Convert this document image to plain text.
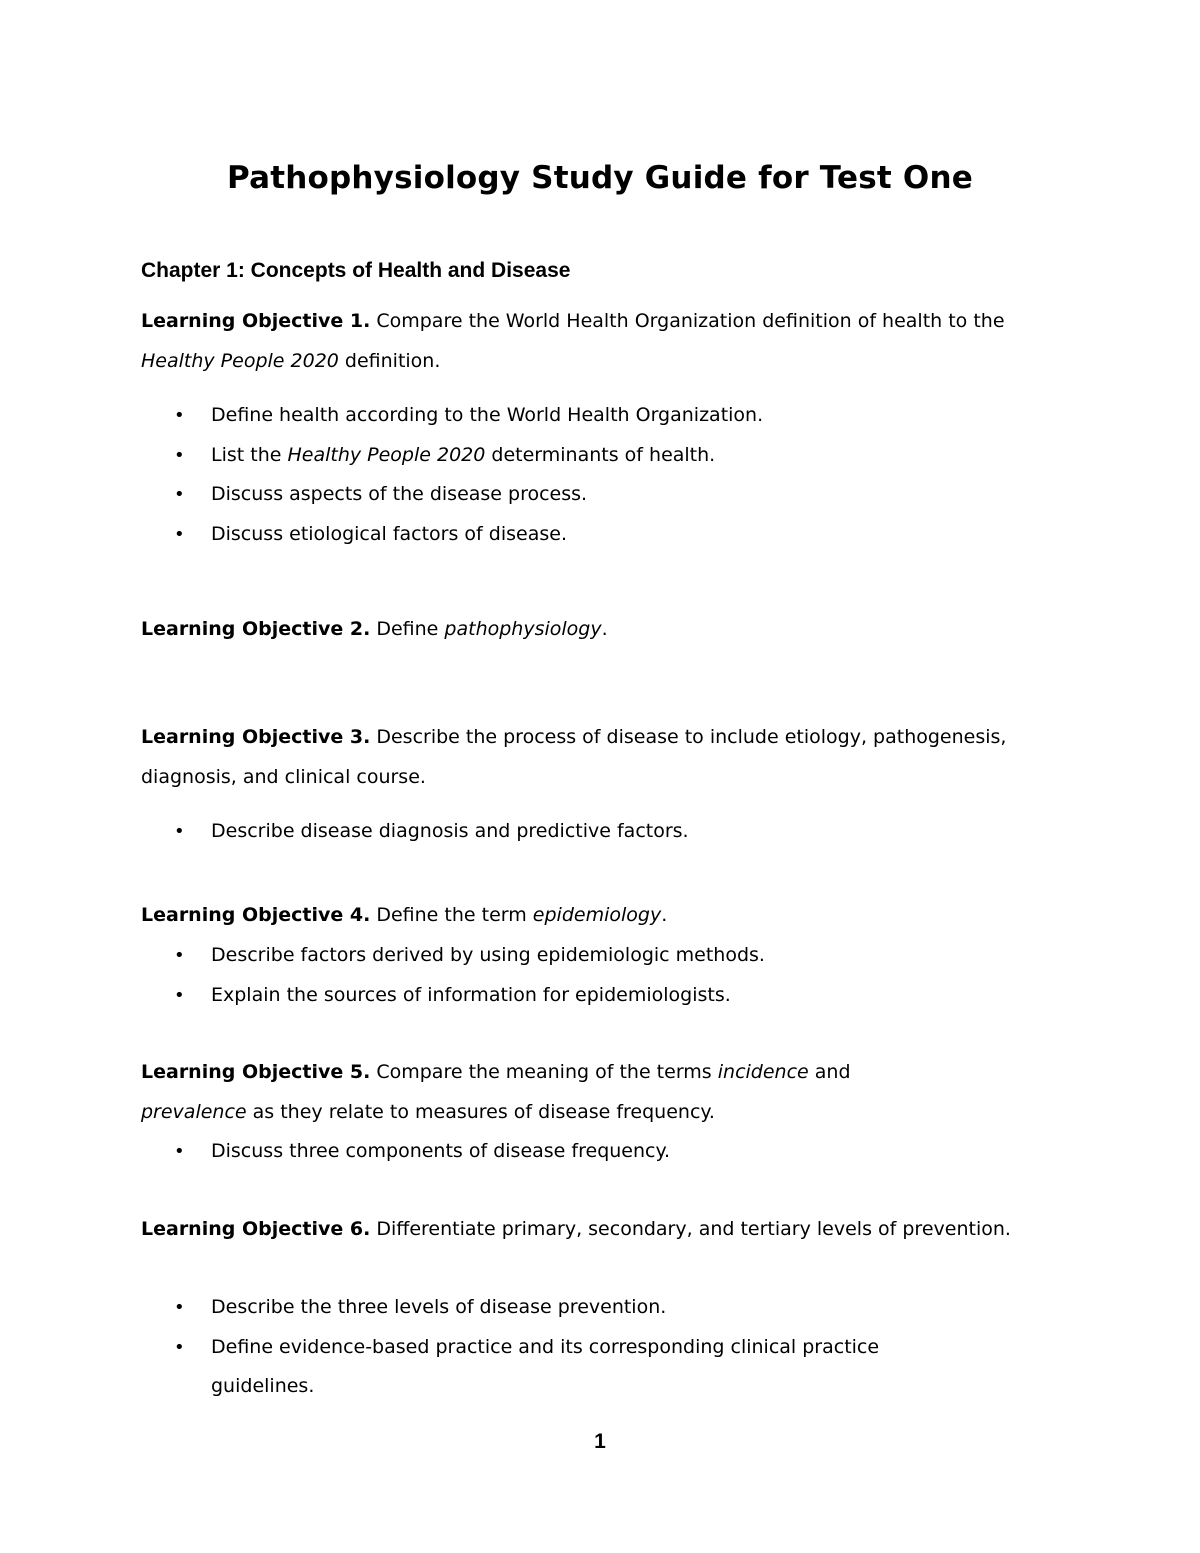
Pathophysiology Study Guide for Test One
Chapter 1: Concepts of Health and Disease

Learning Objective 1. Compare the World Health Organization definition of health to the Healthy People 2020 definition.

• Define health according to the World Health Organization.
• List the Healthy People 2020 determinants of health.
• Discuss aspects of the disease process.
• Discuss etiological factors of disease.

Learning Objective 2. Define pathophysiology.

Learning Objective 3. Describe the process of disease to include etiology, pathogenesis, diagnosis, and clinical course.

• Describe disease diagnosis and predictive factors.

Learning Objective 4. Define the term epidemiology.

• Describe factors derived by using epidemiologic methods.
• Explain the sources of information for epidemiologists.

Learning Objective 5. Compare the meaning of the terms incidence and
prevalence as they relate to measures of disease frequency.

• Discuss three components of disease frequency.

Learning Objective 6. Differentiate primary, secondary, and tertiary levels of prevention.

• Describe the three levels of disease prevention.
• Define evidence-based practice and its corresponding clinical practice guidelines.
1
